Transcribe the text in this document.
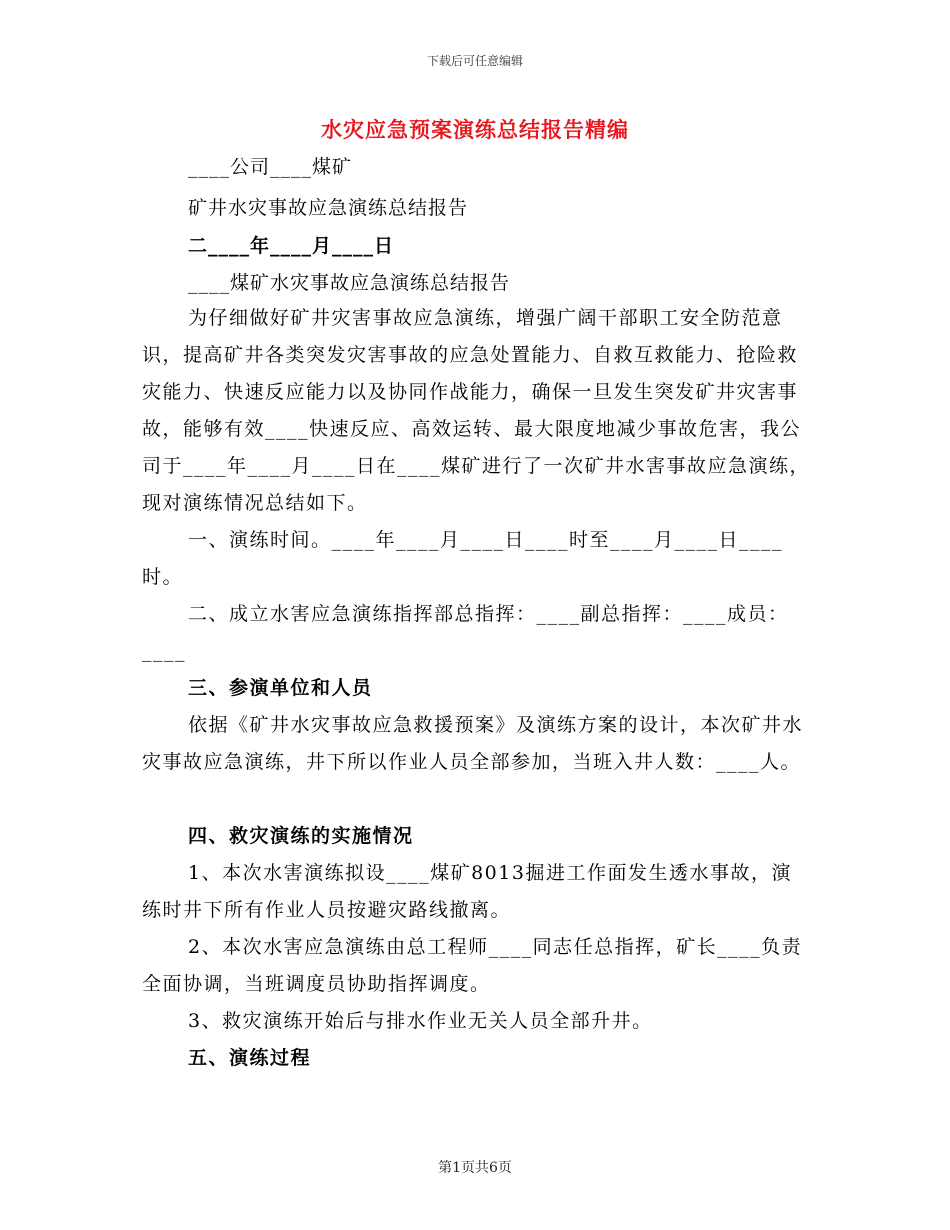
下载后可任意编辑
水灾应急预案演练总结报告精编
____公司____煤矿
矿井水灾事故应急演练总结报告
二____年____月____日
____煤矿水灾事故应急演练总结报告
为仔细做好矿井灾害事故应急演练，增强广阔干部职工安全防范意识，提高矿井各类突发灾害事故的应急处置能力、自救互救能力、抢险救灾能力、快速反应能力以及协同作战能力，确保一旦发生突发矿井灾害事故，能够有效____快速反应、高效运转、最大限度地减少事故危害，我公司于____年____月____日在____煤矿进行了一次矿井水害事故应急演练，现对演练情况总结如下。
一、演练时间。____年____月____日____时至____月____日____时。
二、成立水害应急演练指挥部总指挥：____副总指挥：____成员：____
三、参演单位和人员
依据《矿井水灾事故应急救援预案》及演练方案的设计，本次矿井水灾事故应急演练，井下所以作业人员全部参加，当班入井人数：____人。
四、救灾演练的实施情况
1、本次水害演练拟设____煤矿8013掘进工作面发生透水事故，演练时井下所有作业人员按避灾路线撤离。
2、本次水害应急演练由总工程师____同志任总指挥，矿长____负责全面协调，当班调度员协助指挥调度。
3、救灾演练开始后与排水作业无关人员全部升井。
五、演练过程
第1页共6页
